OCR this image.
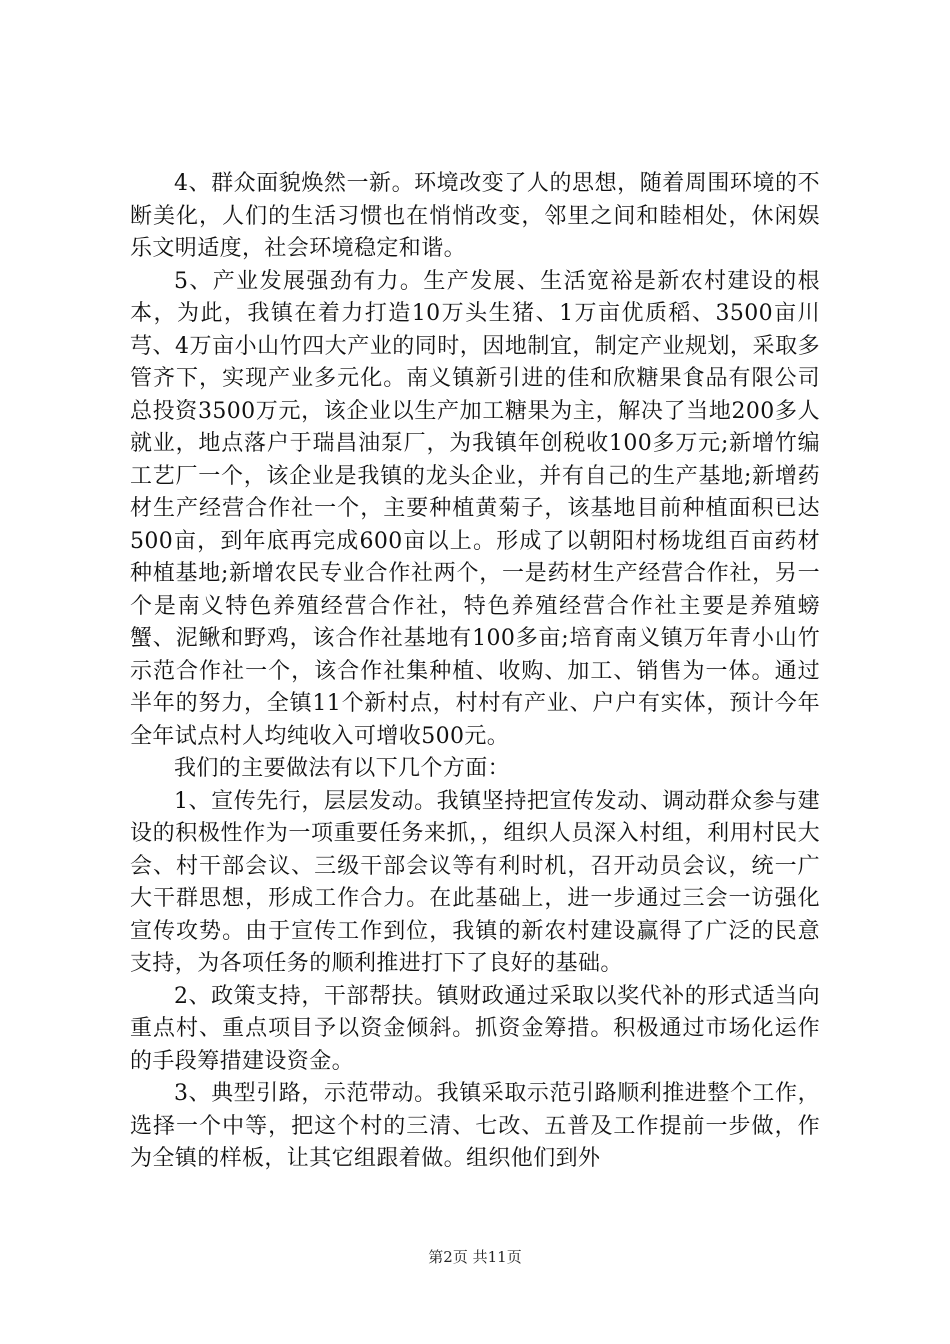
4、群众面貌焕然一新。环境改变了人的思想，随着周围环境的不断美化，人们的生活习惯也在悄悄改变，邻里之间和睦相处，休闲娱乐文明适度，社会环境稳定和谐。

5、产业发展强劲有力。生产发展、生活宽裕是新农村建设的根本，为此，我镇在着力打造10万头生猪、1万亩优质稻、3500亩川芎、4万亩小山竹四大产业的同时，因地制宜，制定产业规划，采取多管齐下，实现产业多元化。南义镇新引进的佳和欣糖果食品有限公司总投资3500万元，该企业以生产加工糖果为主，解决了当地200多人就业，地点落户于瑞昌油泵厂，为我镇年创税收100多万元;新增竹编工艺厂一个，该企业是我镇的龙头企业，并有自己的生产基地;新增药材生产经营合作社一个，主要种植黄菊子，该基地目前种植面积已达500亩，到年底再完成600亩以上。形成了以朝阳村杨垅组百亩药材种植基地;新增农民专业合作社两个，一是药材生产经营合作社，另一个是南义特色养殖经营合作社，特色养殖经营合作社主要是养殖螃蟹、泥鳅和野鸡，该合作社基地有100多亩;培育南义镇万年青小山竹示范合作社一个，该合作社集种植、收购、加工、销售为一体。通过半年的努力，全镇11个新村点，村村有产业、户户有实体，预计今年全年试点村人均纯收入可增收500元。

我们的主要做法有以下几个方面：

1、宣传先行，层层发动。我镇坚持把宣传发动、调动群众参与建设的积极性作为一项重要任务来抓，，组织人员深入村组，利用村民大会、村干部会议、三级干部会议等有利时机，召开动员会议，统一广大干群思想，形成工作合力。在此基础上，进一步通过三会一访强化宣传攻势。由于宣传工作到位，我镇的新农村建设赢得了广泛的民意支持，为各项任务的顺利推进打下了良好的基础。

2、政策支持，干部帮扶。镇财政通过采取以奖代补的形式适当向重点村、重点项目予以资金倾斜。抓资金筹措。积极通过市场化运作的手段筹措建设资金。

3、典型引路，示范带动。我镇采取示范引路顺利推进整个工作，选择一个中等，把这个村的三清、七改、五普及工作提前一步做，作为全镇的样板，让其它组跟着做。组织他们到外

第2页 共11页
